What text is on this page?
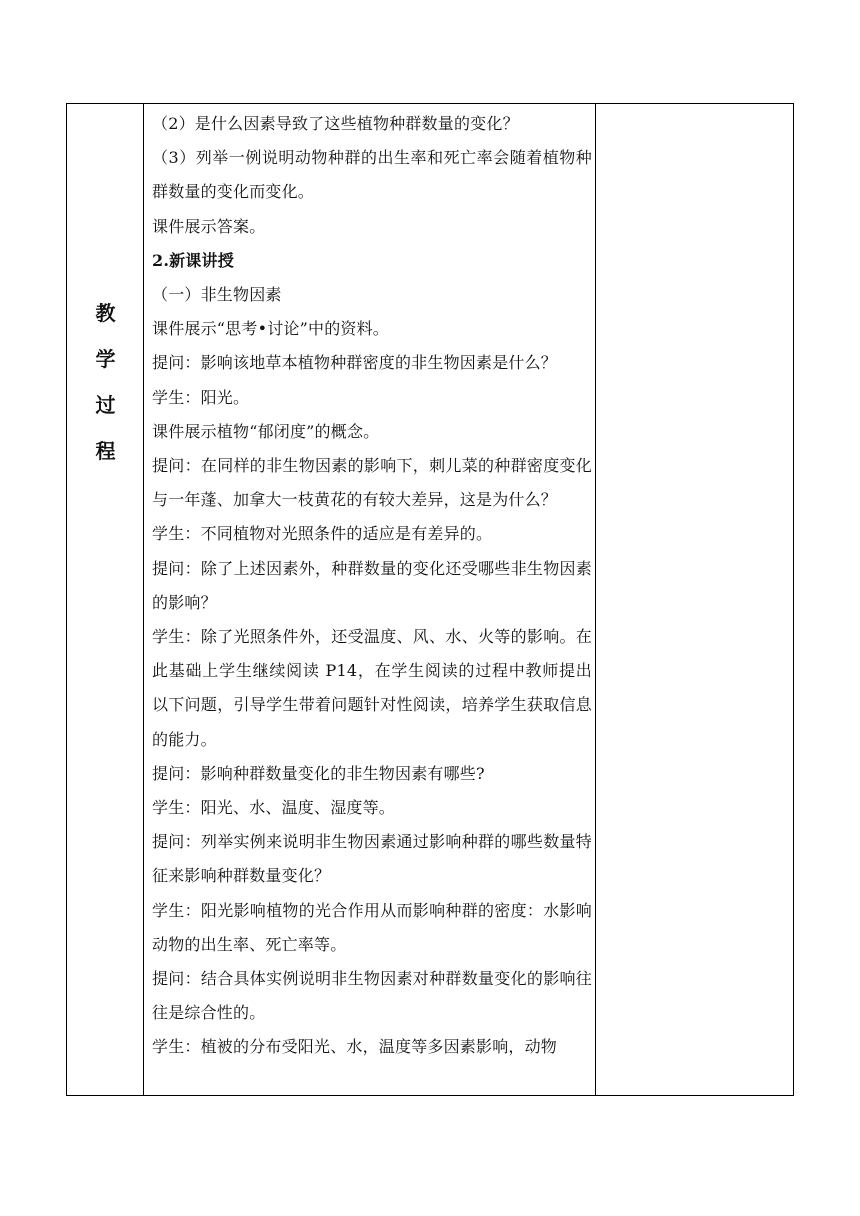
教
学
过
程

（2）是什么因素导致了这些植物种群数量的变化？

（3）列举一例说明动物种群的出生率和死亡率会随着植物种群数量的变化而变化。

课件展示答案。

2.新课讲授

（一）非生物因素

课件展示“思考•讨论”中的资料。

提问：影响该地草本植物种群密度的非生物因素是什么？

学生：阳光。

课件展示植物“郁闭度”的概念。

提问：在同样的非生物因素的影响下，刺儿菜的种群密度变化与一年蓬、加拿大一枝黄花的有较大差异，这是为什么？

学生：不同植物对光照条件的适应是有差异的。

提问：除了上述因素外，种群数量的变化还受哪些非生物因素的影响？

学生：除了光照条件外，还受温度、风、水、火等的影响。在此基础上学生继续阅读 P14，在学生阅读的过程中教师提出以下问题，引导学生带着问题针对性阅读，培养学生获取信息的能力。

提问：影响种群数量变化的非生物因素有哪些?

学生：阳光、水、温度、湿度等。

提问：列举实例来说明非生物因素通过影响种群的哪些数量特征来影响种群数量变化？

学生：阳光影响植物的光合作用从而影响种群的密度：水影响动物的出生率、死亡率等。

提问：结合具体实例说明非生物因素对种群数量变化的影响往往是综合性的。

学生：植被的分布受阳光、水，温度等多因素影响，动物
